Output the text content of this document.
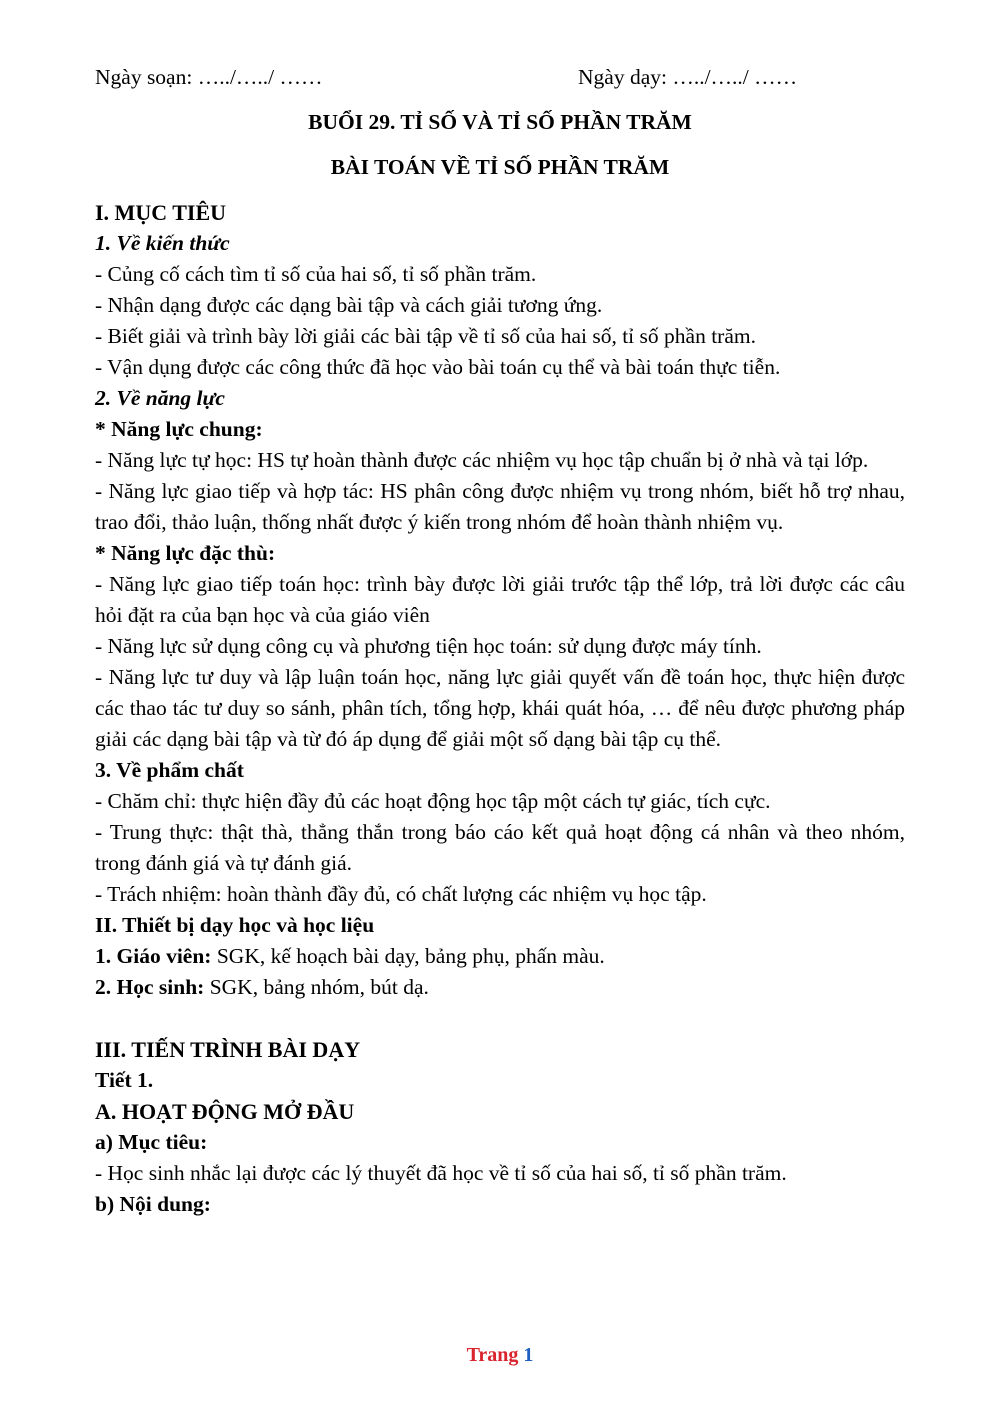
Ngày soạn: …../…../ ……	Ngày dạy: …../…../ ……
BUỔI 29. TỈ SỐ VÀ TỈ SỐ PHẦN TRĂM
BÀI TOÁN VỀ TỈ SỐ PHẦN TRĂM
I. MỤC TIÊU
1. Về kiến thức
- Củng cố cách tìm tỉ số của hai số, tỉ số phần trăm.
- Nhận dạng được các dạng bài tập và cách giải tương ứng.
- Biết giải và trình bày lời giải các bài tập về tỉ số của hai số, tỉ số phần trăm.
- Vận dụng được các công thức đã học vào bài toán cụ thể và bài toán thực tiễn.
2. Về năng lực
* Năng lực chung:
- Năng lực tự học: HS tự hoàn thành được các nhiệm vụ học tập chuẩn bị ở nhà và tại lớp.
- Năng lực giao tiếp và hợp tác: HS phân công được nhiệm vụ trong nhóm, biết hỗ trợ nhau, trao đổi, thảo luận, thống nhất được ý kiến trong nhóm để hoàn thành nhiệm vụ.
* Năng lực đặc thù:
- Năng lực giao tiếp toán học: trình bày được lời giải trước tập thể lớp, trả lời được các câu hỏi đặt ra của bạn học và của giáo viên
- Năng lực sử dụng công cụ và phương tiện học toán: sử dụng được máy tính.
- Năng lực tư duy và lập luận toán học, năng lực giải quyết vấn đề toán học, thực hiện được các thao tác tư duy so sánh, phân tích, tổng hợp, khái quát hóa, … để nêu được phương pháp giải các dạng bài tập và từ đó áp dụng để giải một số dạng bài tập cụ thể.
3. Về phẩm chất
- Chăm chỉ: thực hiện đầy đủ các hoạt động học tập một cách tự giác, tích cực.
- Trung thực: thật thà, thẳng thắn trong báo cáo kết quả hoạt động cá nhân và theo nhóm, trong đánh giá và tự đánh giá.
- Trách nhiệm: hoàn thành đầy đủ, có chất lượng các nhiệm vụ học tập.
II. Thiết bị dạy học và học liệu
1. Giáo viên: SGK, kế hoạch bài dạy, bảng phụ, phấn màu.
2. Học sinh: SGK, bảng nhóm, bút dạ.
III. TIẾN TRÌNH BÀI DẠY
Tiết 1.
A. HOẠT ĐỘNG MỞ ĐẦU
a) Mục tiêu:
- Học sinh nhắc lại được các lý thuyết đã học về tỉ số của hai số, tỉ số phần trăm.
b) Nội dung:
Trang 1
